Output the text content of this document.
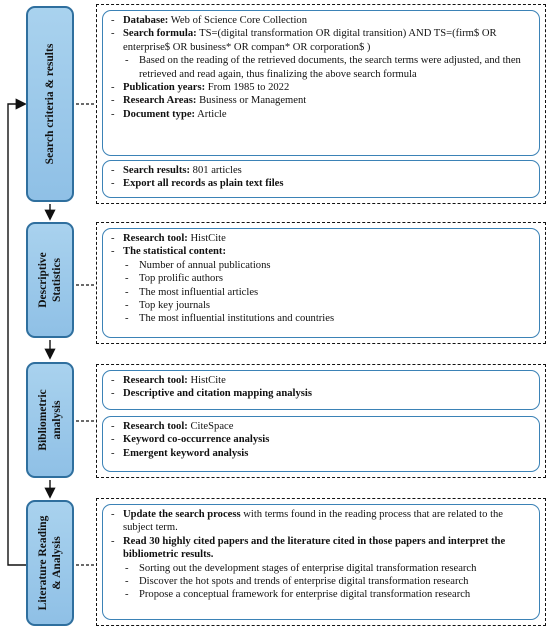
Search criteria & results
Descriptive Statistics
Bibliometric analysis
Literature Reading & Analysis
- Database: Web of Science Core Collection
- Search formula: TS=(digital transformation OR digital transition) AND TS=(firm$ OR enterprise$ OR business* OR compan* OR corporation$ )
- Based on the reading of the retrieved documents, the search terms were adjusted, and then retrieved and read again, thus finalizing the above search formula
- Publication years: From 1985 to 2022
- Research Areas: Business or Management
- Document type: Article
- Search results: 801 articles
- Export all records as plain text files
- Research tool: HistCite
- The statistical content:
- Number of annual publications
- Top prolific authors
- The most influential articles
- Top key journals
- The most influential institutions and countries
- Research tool: HistCite
- Descriptive and citation mapping analysis
- Research tool: CiteSpace
- Keyword co-occurrence analysis
- Emergent keyword analysis
- Update the search process with terms found in the reading process that are related to the subject term.
- Read 30 highly cited papers and the literature cited in those papers and interpret the bibliometric results.
- Sorting out the development stages of enterprise digital transformation research
- Discover the hot spots and trends of enterprise digital transformation research
- Propose a conceptual framework for enterprise digital transformation research
